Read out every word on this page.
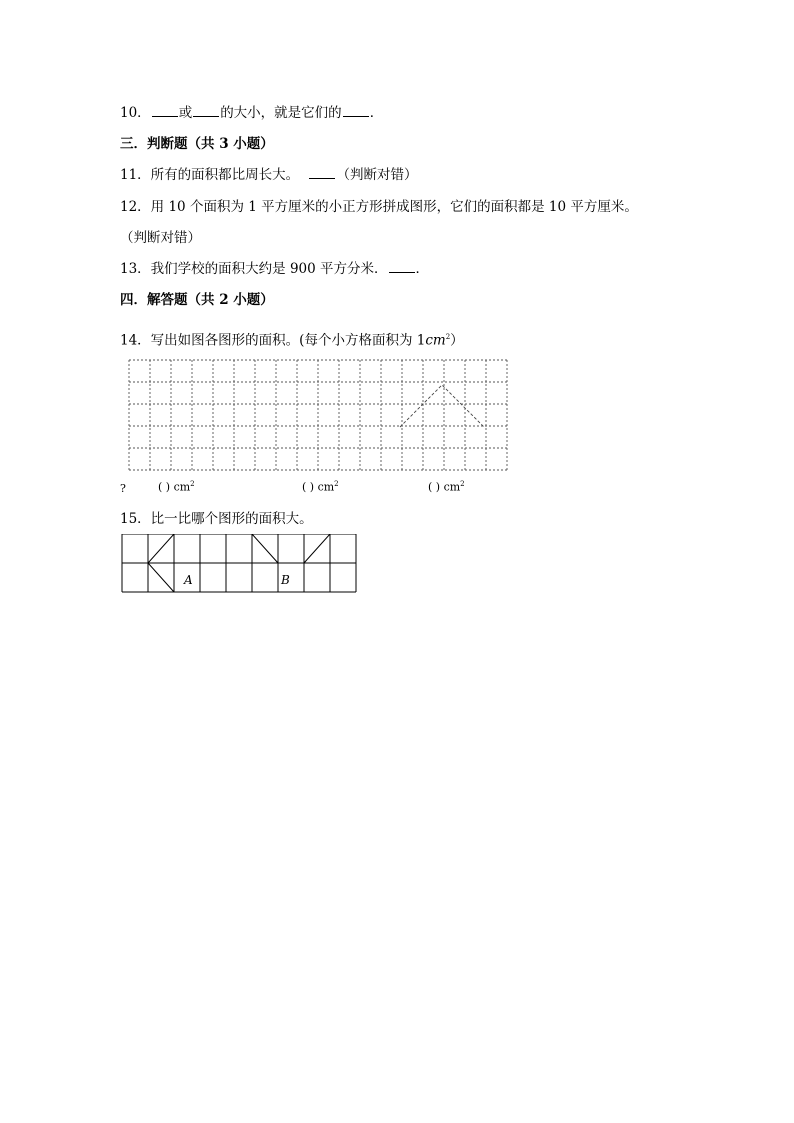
10． 或 的大小，就是它们的 ．
三．判断题（共 3 小题）
11．所有的面积都比周长大。	（判断对错）
12．用 10 个面积为 1 平方厘米的小正方形拼成图形，它们的面积都是 10 平方厘米。
（判断对错）
13．我们学校的面积大约是 900 平方分米． ．
四．解答题（共 2 小题）
14．写出如图各图形的面积。(每个小方格面积为 $1cm^2$）
?	( ) $cm^2$	( ) $cm^2$	( ) $cm^2$
15．比一比哪个图形的面积大。
A	B
